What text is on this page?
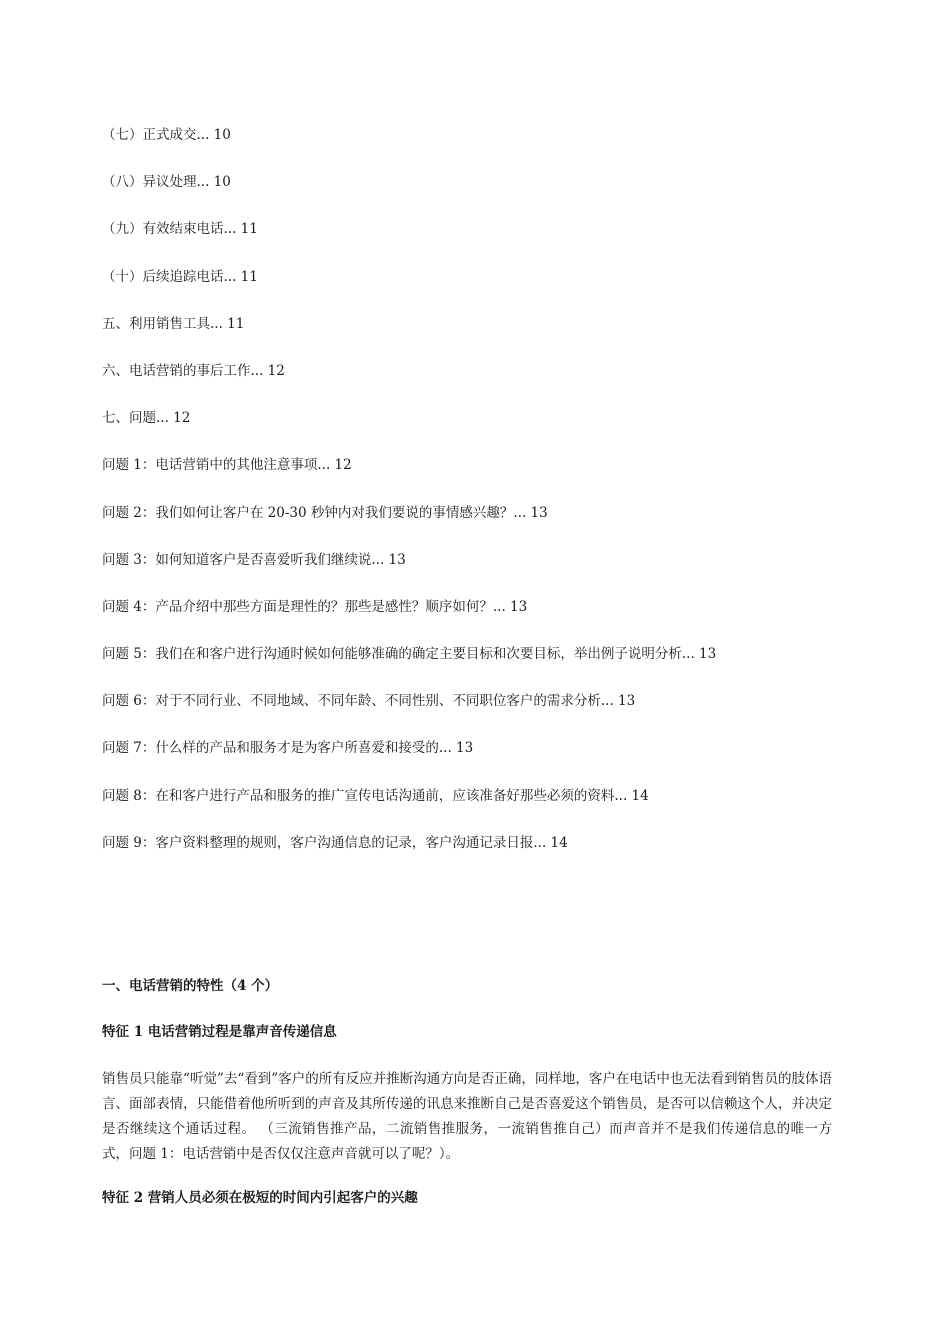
（七）正式成交... 10
（八）异议处理... 10
（九）有效结束电话... 11
（十）后续追踪电话... 11
五、利用销售工具... 11
六、电话营销的事后工作... 12
七、问题... 12
问题 1：电话营销中的其他注意事项... 12
问题 2：我们如何让客户在 20-30 秒钟内对我们要说的事情感兴趣？... 13
问题 3：如何知道客户是否喜爱听我们继续说... 13
问题 4：产品介绍中那些方面是理性的？那些是感性？顺序如何？... 13
问题 5：我们在和客户进行沟通时候如何能够准确的确定主要目标和次要目标，举出例子说明分析... 13
问题 6：对于不同行业、不同地域、不同年龄、不同性别、不同职位客户的需求分析... 13
问题 7：什么样的产品和服务才是为客户所喜爱和接受的... 13
问题 8：在和客户进行产品和服务的推广宣传电话沟通前，应该准备好那些必须的资料... 14
问题 9：客户资料整理的规则，客户沟通信息的记录，客户沟通记录日报... 14

一、电话营销的特性（4 个）

特征 1 电话营销过程是靠声音传递信息

销售员只能靠“听觉”去“看到”客户的所有反应并推断沟通方向是否正确，同样地，客户在电话中也无法看到销售员的肢体语言、面部表情，只能借着他所听到的声音及其所传递的讯息来推断自己是否喜爱这个销售员，是否可以信赖这个人，并决定是否继续这个通话过程。 （三流销售推产品，二流销售推服务，一流销售推自己）而声音并不是我们传递信息的唯一方式，问题 1：电话营销中是否仅仅注意声音就可以了呢？）。

特征 2 营销人员必须在极短的时间内引起客户的兴趣
